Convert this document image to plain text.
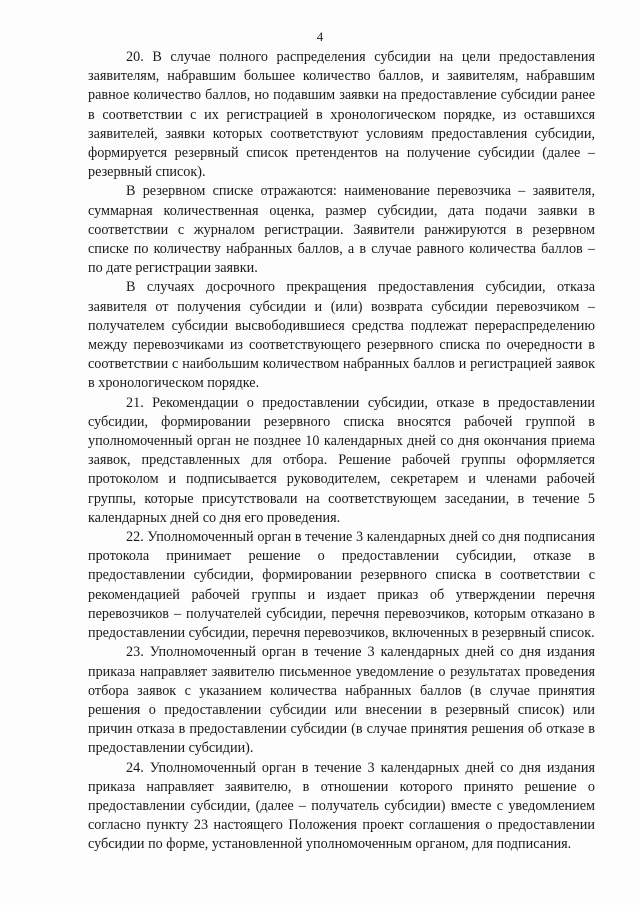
4

20. В случае полного распределения субсидии на цели предоставления заявителям, набравшим большее количество баллов, и заявителям, набравшим равное количество баллов, но подавшим заявки на предоставление субсидии ранее в соответствии с их регистрацией в хронологическом порядке, из оставшихся заявителей, заявки которых соответствуют условиям предоставления субсидии, формируется резервный список претендентов на получение субсидии (далее – резервный список).

В резервном списке отражаются: наименование перевозчика – заявителя, суммарная количественная оценка, размер субсидии, дата подачи заявки в соответствии с журналом регистрации. Заявители ранжируются в резервном списке по количеству набранных баллов, а в случае равного количества баллов – по дате регистрации заявки.

В случаях досрочного прекращения предоставления субсидии, отказа заявителя от получения субсидии и (или) возврата субсидии перевозчиком – получателем субсидии высвободившиеся средства подлежат перераспределению между перевозчиками из соответствующего резервного списка по очередности в соответствии с наибольшим количеством набранных баллов и регистрацией заявок в хронологическом порядке.

21. Рекомендации о предоставлении субсидии, отказе в предоставлении субсидии, формировании резервного списка вносятся рабочей группой в уполномоченный орган не позднее 10 календарных дней со дня окончания приема заявок, представленных для отбора. Решение рабочей группы оформляется протоколом и подписывается руководителем, секретарем и членами рабочей группы, которые присутствовали на соответствующем заседании, в течение 5 календарных дней со дня его проведения.

22. Уполномоченный орган в течение 3 календарных дней со дня подписания протокола принимает решение о предоставлении субсидии, отказе в предоставлении субсидии, формировании резервного списка в соответствии с рекомендацией рабочей группы и издает приказ об утверждении перечня перевозчиков – получателей субсидии, перечня перевозчиков, которым отказано в предоставлении субсидии, перечня перевозчиков, включенных в резервный список.

23. Уполномоченный орган в течение 3 календарных дней со дня издания приказа направляет заявителю письменное уведомление о результатах проведения отбора заявок с указанием количества набранных баллов (в случае принятия решения о предоставлении субсидии или внесении в резервный список) или причин отказа в предоставлении субсидии (в случае принятия решения об отказе в предоставлении субсидии).

24. Уполномоченный орган в течение 3 календарных дней со дня издания приказа направляет заявителю, в отношении которого принято решение о предоставлении субсидии, (далее – получатель субсидии) вместе с уведомлением согласно пункту 23 настоящего Положения проект соглашения о предоставлении субсидии по форме, установленной уполномоченным органом, для подписания.
